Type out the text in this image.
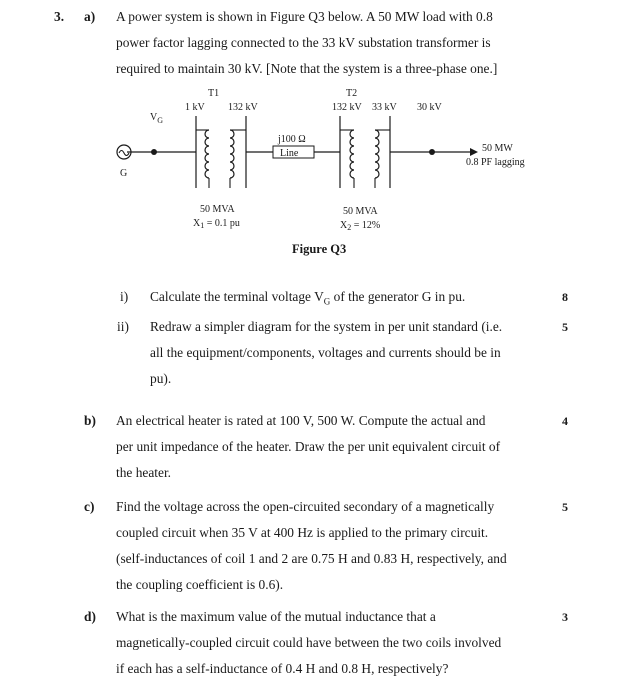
3. a) A power system is shown in Figure Q3 below. A 50 MW load with 0.8
power factor lagging connected to the 33 kV substation transformer is
required to maintain 30 kV. [Note that the system is a three-phase one.]
G
Line
j100 Ω
T1	T2
1 kV 132 kV	132 kV 33 kV 30 kV
$V_G$
50 MW
0.8 PF lagging
50 MVA
$X_1 = 0.1$ pu
50 MVA
$X_2 = 12\%$
Figure Q3
i) Calculate the terminal voltage $V_G$ of the generator G in pu.	8
ii) Redraw a simpler diagram for the system in per unit standard (i.e.
all the equipment/components, voltages and currents should be in
pu).
5
b) An electrical heater is rated at 100 V, 500 W. Compute the actual and
per unit impedance of the heater. Draw the per unit equivalent circuit of
the heater.
4
c) Find the voltage across the open-circuited secondary of a magnetically
coupled circuit when 35 V at 400 Hz is applied to the primary circuit.
(self-inductances of coil 1 and 2 are 0.75 H and 0.83 H, respectively, and
the coupling coefficient is 0.6).
5
d) What is the maximum value of the mutual inductance that a
magnetically-coupled circuit could have between the two coils involved
if each has a self-inductance of 0.4 H and 0.8 H, respectively?
3
